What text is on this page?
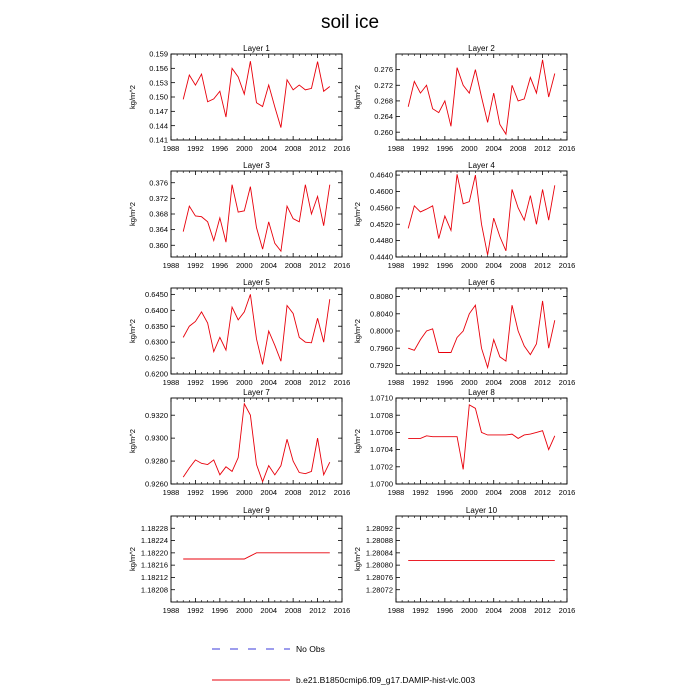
soil ice
Layer 1
1988 1992 1996 2000 2004 2008 2012 2016
0.141
0.144
0.147
0.150
0.153
0.156
0.159
kg/m^2
Layer 2
1988 1992 1996 2000 2004 2008 2012 2016
0.260
0.264
0.268
0.272
0.276
kg/m^2
Layer 3
1988 1992 1996 2000 2004 2008 2012 2016
0.360
0.364
0.368
0.372
0.376
kg/m^2
Layer 4
1988 1992 1996 2000 2004 2008 2012 2016
0.4440
0.4480
0.4520
0.4560
0.4600
0.4640
kg/m^2
Layer 5
1988 1992 1996 2000 2004 2008 2012 2016
0.6200
0.6250
0.6300
0.6350
0.6400
0.6450
kg/m^2
Layer 6
1988 1992 1996 2000 2004 2008 2012 2016
0.7920
0.7960
0.8000
0.8040
0.8080
kg/m^2
Layer 7
1988 1992 1996 2000 2004 2008 2012 2016
0.9260
0.9280
0.9300
0.9320
kg/m^2
Layer 8
1988 1992 1996 2000 2004 2008 2012 2016
1.0700
1.0702
1.0704
1.0706
1.0708
1.0710
kg/m^2
Layer 9
1988 1992 1996 2000 2004 2008 2012 2016
1.18208
1.18212
1.18216
1.18220
1.18224
1.18228
kg/m^2
Layer 10
1988 1992 1996 2000 2004 2008 2012 2016
1.28072
1.28076
1.28080
1.28084
1.28088
1.28092
kg/m^2
No Obs
b.e21.B1850cmip6.f09_g17.DAMIP-hist-vlc.003
